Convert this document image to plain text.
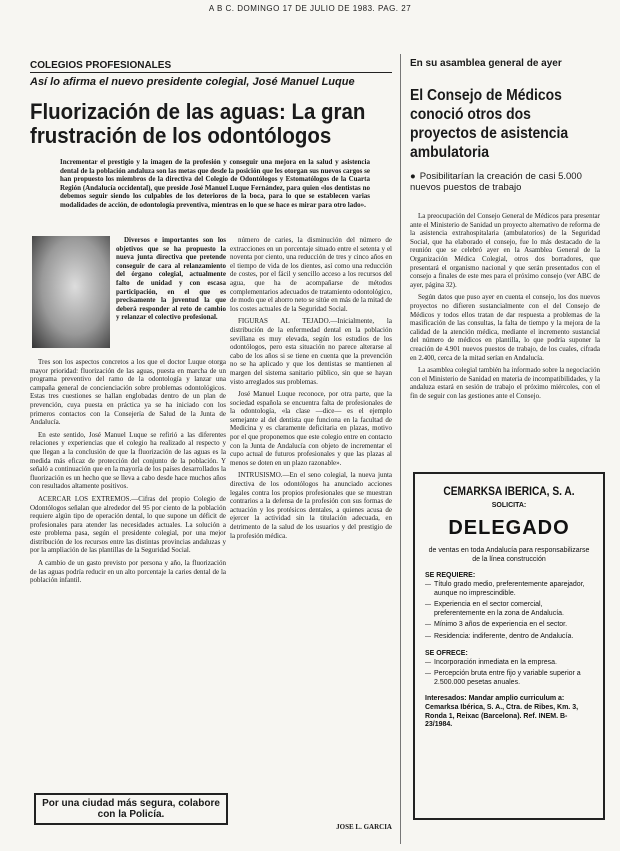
A B C. DOMINGO 17 DE JULIO DE 1983. PAG. 27
COLEGIOS PROFESIONALES
Así lo afirma el nuevo presidente colegial, José Manuel Luque
Fluorización de las aguas: La gran frustración de los odontólogos
Incrementar el prestigio y la imagen de la profesión y conseguir una mejora en la salud y asistencia dental de la población andaluza son las metas que desde la posición que les otorgan sus nuevos cargos se han propuesto los miembros de la directiva del Colegio de Odontólogos y Estomatólogos de la Cuarta Región (Andalucía occidental), que preside José Manuel Luque Fernández, para quien «los dentistas no debemos seguir siendo los culpables de los deterioros de la boca, para lo que se establecen varias modalidades de acción, de odontología preventiva, mientras en lo que se hace es mirar para otro lado».

Diversos e importantes son los objetivos que se ha propuesto la nueva junta directiva que pretende conseguir de cara al relanzamiento del órgano colegial, actualmente falto de unidad y con escasa participación, en el que es precisamente la juventud la que deberá responder al reto de cambio y relanzar el colectivo profesional.

Tres son los aspectos concretos a los que el doctor Luque otorga mayor prioridad: fluorización de las aguas, puesta en marcha de un programa preventivo del ramo de la odontología y lanzar una campaña general de concienciación sobre problemas odontológicos. Estas tres cuestiones se hallan englobadas dentro de un plan de prevención, cuya puesta en práctica ya se ha iniciado con los primeros contactos con la Consejería de Salud de la Junta de Andalucía.

En este sentido, José Manuel Luque se refirió a las diferentes relaciones y experiencias que el colegio ha realizado al respecto y que llegan a la conclusión de que la fluorización de las aguas es la medida más eficaz de protección del conjunto de la población. Y señaló a continuación que en la mayoría de los países desarrollados la fluorización es un hecho que se lleva a cabo desde hace muchos años con resultados altamente positivos.

ACERCAR LOS EXTREMOS.—Cifras del propio Colegio de Odontólogos señalan que alrededor del 95 por ciento de la población requiere algún tipo de operación dental, lo que supone un déficit de profesionales para atender las necesidades actuales. La solución a este problema pasa, según el presidente colegial, por una mejor distribución de los recursos entre las distintas provincias andaluzas y por la ampliación de las plantillas de la Seguridad Social.

A cambio de un gasto previsto por persona y año, la fluorización de las aguas podría reducir en un alto porcentaje la caries dental de la población infantil.

número de caries, la disminución del número de extracciones en un porcentaje situado entre el setenta y el noventa por ciento, una reducción de tres y cinco años en el tiempo de vida de los dientes, así como una reducción de costes, por el fácil y sencillo acceso a los recursos del agua, que ha de acompañarse de métodos complementarios adecuados de tratamiento odontológico, de modo que el ahorro neto se sitúe en más de la mitad de los costes actuales de la Seguridad Social.

FIGURAS AL TEJADO.—Inicialmente, la distribución de la enfermedad dental en la población sevillana es muy elevada, según los estudios de los odontólogos, pero esta situación no parece alterarse al cabo de los años si se tiene en cuenta que la prevención no se ha aplicado y que los dentistas se mantienen al margen del sistema sanitario público, sin que se hayan visto arreglados sus problemas.

José Manuel Luque reconoce, por otra parte, que la sociedad española se encuentra falta de profesionales de la odontología, «la clase —dice— es el ejemplo semejante al del dentista que funciona en la facultad de Medicina y es claramente deficitaria en plazas, motivo por el que proponemos que este colegio entre en contacto con la Junta de Andalucía con objeto de incrementar el cupo actual de futuros profesionales y que las plazas al menos se doten en un plazo razonable».

INTRUSISMO.—En el seno colegial, la nueva junta directiva de los odontólogos ha anunciado acciones legales contra los propios profesionales que se muestran contrarios a la defensa de la profesión con sus formas de actuación y los protésicos dentales, a quienes acusa de ejercer la actividad sin la titulación adecuada, en detrimento de la salud de los usuarios y del prestigio de la profesión médica.

JOSE L. GARCIA
Por una ciudad más segura, colabore con la Policía.
En su asamblea general de ayer
El Consejo de Médicos conoció otros dos proyectos de asistencia ambulatoria
● Posibilitarían la creación de casi 5.000 nuevos puestos de trabajo

La preocupación del Consejo General de Médicos para presentar ante el Ministerio de Sanidad un proyecto alternativo de reforma de la asistencia extrahospitalaria (ambulatorios) de la Seguridad Social, que ha elaborado el consejo, fue lo más destacado de la reunión que se celebró ayer en la Asamblea General de la Organización Médica Colegial, otros dos borradores, que presentará el organismo nacional y que serán presentados con el consejo a finales de este mes para el próximo consejo (ver ABC de ayer, página 32).

Según datos que puso ayer en cuenta el consejo, los dos nuevos proyectos no difieren sustancialmente con el del Consejo de Médicos y todos ellos tratan de dar respuesta a problemas de la masificación de las consultas, la falta de tiempo y la mejora de la calidad de la atención médica, mediante el incremento sustancial del número de médicos en plantilla, lo que podría suponer la creación de 4.901 nuevos puestos de trabajo, de los cuales, cifrada en 2.400, cerca de la mitad serían en Andalucía.

La asamblea colegial también ha informado sobre la negociación con el Ministerio de Sanidad en materia de incompatibilidades, y la andaluza estará en sesión de trabajo el próximo miércoles, con el fin de seguir con las gestiones ante el Consejo.

CEMARKSA IBERICA, S. A.
SOLICITA:
DELEGADO
de ventas en toda Andalucía para responsabilizarse de la línea construcción
SE REQUIERE:
— Título grado medio, preferentemente aparejador, aunque no imprescindible.
— Experiencia en el sector comercial, preferentemente en la zona de Andalucía.
— Mínimo 3 años de experiencia en el sector.
— Residencia: indiferente, dentro de Andalucía.
SE OFRECE:
— Incorporación inmediata en la empresa.
— Percepción bruta entre fijo y variable superior a 2.500.000 pesetas anuales.
Interesados: Mandar amplio curriculum a: Cemarksa Ibérica, S. A., Ctra. de Ribes, Km. 3, Ronda 1, Reixac (Barcelona). Ref. INEM. B-23/1984.
